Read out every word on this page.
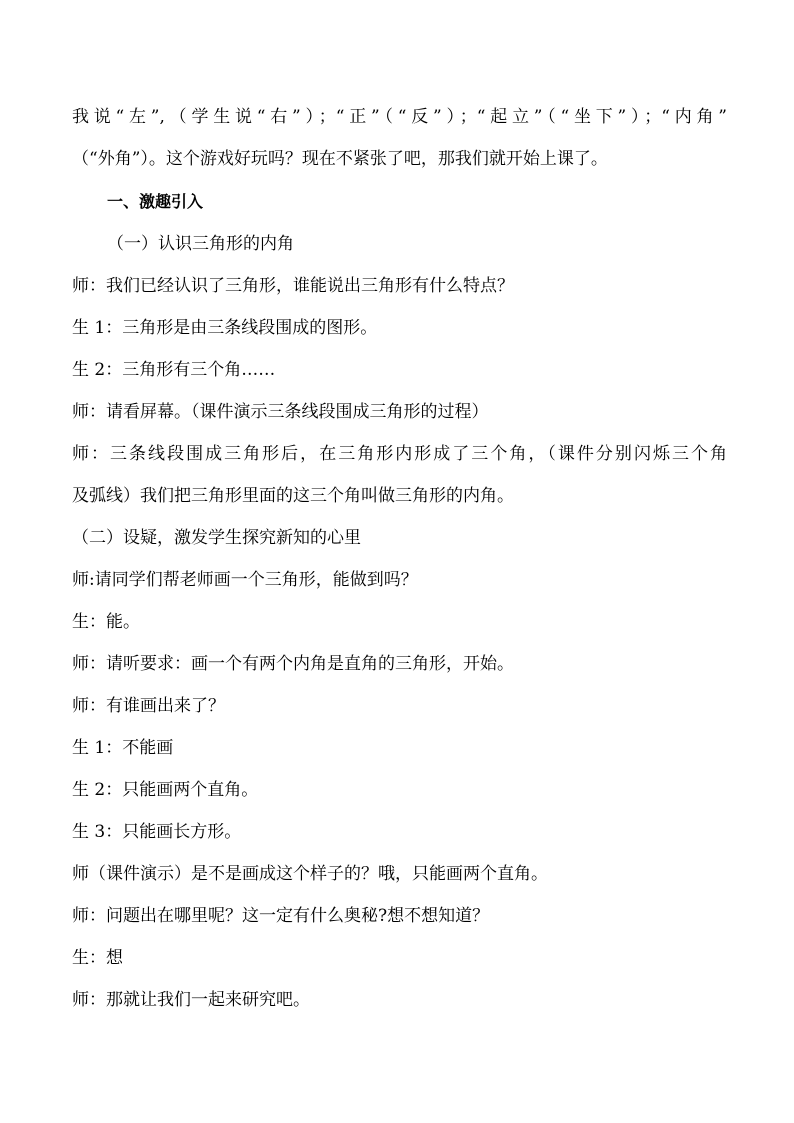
我说“左”,（学生说“右”）；“正”（“反”）；“起立”（“坐下”）；“内角”
（“外角”）。这个游戏好玩吗？现在不紧张了吧，那我们就开始上课了。
一、激趣引入
（一）认识三角形的内角
师：我们已经认识了三角形，谁能说出三角形有什么特点？
生 1：三角形是由三条线段围成的图形。
生 2：三角形有三个角……
师：请看屏幕。（课件演示三条线段围成三角形的过程）
师：三条线段围成三角形后，在三角形内形成了三个角，（课件分别闪烁三个角
及弧线）我们把三角形里面的这三个角叫做三角形的内角。
（二）设疑，激发学生探究新知的心里
师:请同学们帮老师画一个三角形，能做到吗？
生：能。
师：请听要求：画一个有两个内角是直角的三角形，开始。
师：有谁画出来了？
生 1：不能画
生 2：只能画两个直角。
生 3：只能画长方形。
师（课件演示）是不是画成这个样子的？哦，只能画两个直角。
师：问题出在哪里呢？这一定有什么奥秘?想不想知道？
生：想
师：那就让我们一起来研究吧。
